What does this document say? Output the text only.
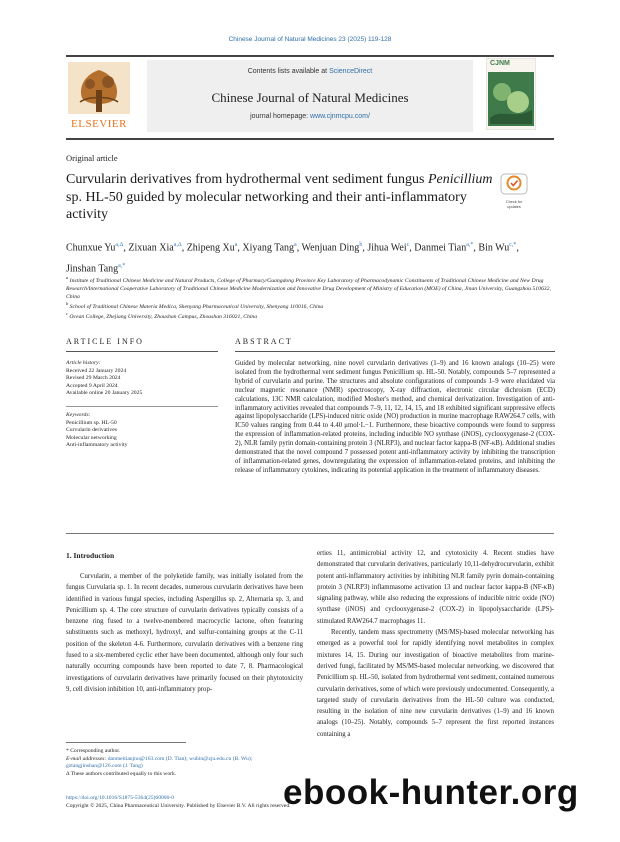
Chinese Journal of Natural Medicines 23 (2025) 119-128
ELSEVIER
Contents lists available at ScienceDirect
Chinese Journal of Natural Medicines
journal homepage: www.cjnmcpu.com/
CJNM
Original article
Curvularin derivatives from hydrothermal vent sediment fungus Penicillium sp. HL-50 guided by molecular networking and their anti-inflammatory activity
Check for updates
Chunxue $Yu^{a,\Delta}$, Zixuan Xia$^{a,\Delta}$, Zhipeng Xu$^a$, Xiyang Tang$^a$, Wenjuan Ding$^b$, Jihua Wei$^c$, Danmei Tian$^{a,*}$, Bin $Wu^{c,*}$, Jinshan Tang$^{a,*}$
$^a$ Institute of Traditional Chinese Medicine and Natural Products, College of Pharmacy/Guangdong Province Key Laboratory of Pharmacodynamic Constituents of Traditional Chinese Medicine and New Drug Research/International Cooperative Laboratory of Traditional Chinese Medicine Modernization and Innovative Drug Development of Ministry of Education (MOE) of China, Jinan University, Guangzhou 510632, China
$^b$ School of Traditional Chinese Materia Medica, Shenyang Pharmaceutical University, Shenyang 110016, China
$^c$ Ocean College, Zhejiang University, Zhoushan Campus, Zhoushan 316021, China
ARTICLE INFO
Article history:
Received 22 January 2024
Revised 29 March 2024
Accepted 9 April 2024
Available online 20 January 2025
Keywords:
Penicillium sp. HL-50
Curvularin derivatives
Molecular networking
Anti-inflammatory activity
ABSTRACT
Guided by molecular networking, nine novel curvularin derivatives (1–9) and 16 known analogs (10–25) were isolated from the hydrothermal vent sediment fungus Penicillium sp. HL-50. Notably, compounds 5–7 represented a hybrid of curvularin and purine. The structures and absolute configurations of compounds 1–9 were elucidated via nuclear magnetic resonance (NMR) spectroscopy, X-ray diffraction, electronic circular dichroism (ECD) calculations, 13C NMR calculation, modified Mosher's method, and chemical derivatization. Investigation of anti-inflammatory activities revealed that compounds 7–9, 11, 12, 14, 15, and 18 exhibited significant suppressive effects against lipopolysaccharide (LPS)-induced nitric oxide (NO) production in murine macrophage RAW264.7 cells, with IC50 values ranging from 0.44 to 4.40 μmol·L−1. Furthermore, these bioactive compounds were found to suppress the expression of inflammation-related proteins, including inducible NO synthase (iNOS), cyclooxygenase-2 (COX-2), NLR family pyrin domain-containing protein 3 (NLRP3), and nuclear factor kappa-B (NF-κB). Additional studies demonstrated that the novel compound 7 possessed potent anti-inflammatory activity by inhibiting the transcription of inflammation-related genes, downregulating the expression of inflammation-related proteins, and inhibiting the release of inflammatory cytokines, indicating its potential application in the treatment of inflammatory diseases.
1. Introduction

Curvularin, a member of the polyketide family, was initially isolated from the fungus Curvularia sp. 1. In recent decades, numerous curvularin derivatives have been identified in various fungal species, including Aspergillus sp. 2, Alternaria sp. 3, and Penicillium sp. 4. The core structure of curvularin derivatives typically consists of a benzene ring fused to a twelve-membered macrocyclic lactone, often featuring substituents such as methoxyl, hydroxyl, and sulfur-containing groups at the C-11 position of the skeleton 4-6. Furthermore, curvularin derivatives with a benzene ring fused to a six-membered cyclic ether have been documented, although only four such naturally occurring compounds have been reported to date 7, 8. Pharmacological investigations of curvularin derivatives have primarily focused on their phytotoxicity 9, cell division inhibition 10, anti-inflammatory prop-

erties 11, antimicrobial activity 12, and cytotoxicity 4. Recent studies have demonstrated that curvularin derivatives, particularly 10,11-dehydrocurvularin, exhibit potent anti-inflammatory activities by inhibiting NLR family pyrin domain-containing protein 3 (NLRP3) inflammasome activation 13 and nuclear factor kappa-B (NF-κB) signaling pathway, while also reducing the expressions of inducible nitric oxide (NO) synthase (iNOS) and cyclooxygenase-2 (COX-2) in lipopolysaccharide (LPS)-stimulated RAW264.7 macrophages 11.

Recently, tandem mass spectrometry (MS/MS)-based molecular networking has emerged as a powerful tool for rapidly identifying novel metabolites in complex mixtures 14, 15. During our investigation of bioactive metabolites from marine-derived fungi, facilitated by MS/MS-based molecular networking, we discovered that Penicillium sp. HL-50, isolated from hydrothermal vent sediment, contained numerous curvularin derivatives, some of which were previously undocumented. Consequently, a targeted study of curvularin derivatives from the HL-50 culture was conducted, resulting in the isolation of nine new curvularin derivatives (1–9) and 16 known analogs (10–25). Notably, compounds 5–7 represent the first reported instances containing a

* Corresponding author.
E-mail addresses: danmeitianjnu@163.com (D. Tian); wubin@zju.edu.cn (B. Wu); gztangjinshan@126.com (J. Tang)
Δ These authors contributed equally to this work.
https://doi.org/10.1016/S1875-5364(25)60000-0
Copyright © 2025, China Pharmaceutical University. Published by Elsevier B.V. All rights reserved.
ebook-hunter.org
